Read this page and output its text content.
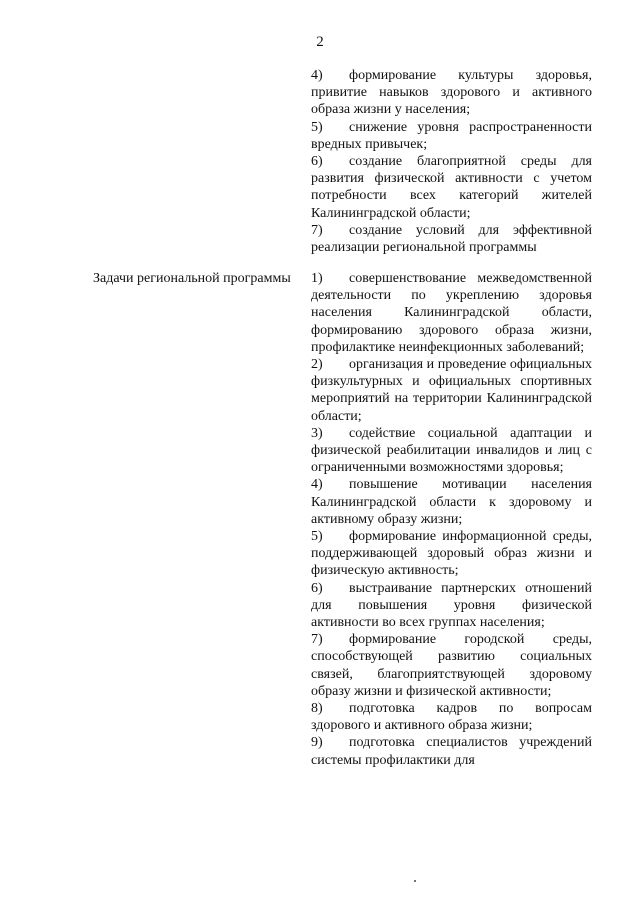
2

4) формирование культуры здоровья, привитие навыков здорового и активного образа жизни у населения;

5) снижение уровня распространенности вредных привычек;

6) создание благоприятной среды для развития физической активности с учетом потребности всех категорий жителей Калининградской области;

7) создание условий для эффективной реализации региональной программы

Задачи региональной программы 1) совершенствование межведомственной деятельности по укреплению здоровья населения Калининградской области, формированию здорового образа жизни, профилактике неинфекционных заболеваний;

2) организация и проведение официальных физкультурных и официальных спортивных мероприятий на территории Калининградской области;

3) содействие социальной адаптации и физической реабилитации инвалидов и лиц с ограниченными возможностями здоровья;

4) повышение мотивации населения Калининградской области к здоровому и активному образу жизни;

5) формирование информационной среды, поддерживающей здоровый образ жизни и физическую активность;

6) выстраивание партнерских отношений для повышения уровня физической активности во всех группах населения;

7) формирование городской среды, способствующей развитию социальных связей, благоприятствующей здоровому образу жизни и физической активности;

8) подготовка кадров по вопросам здорового и активного образа жизни;

9) подготовка специалистов учреждений системы профилактики для
